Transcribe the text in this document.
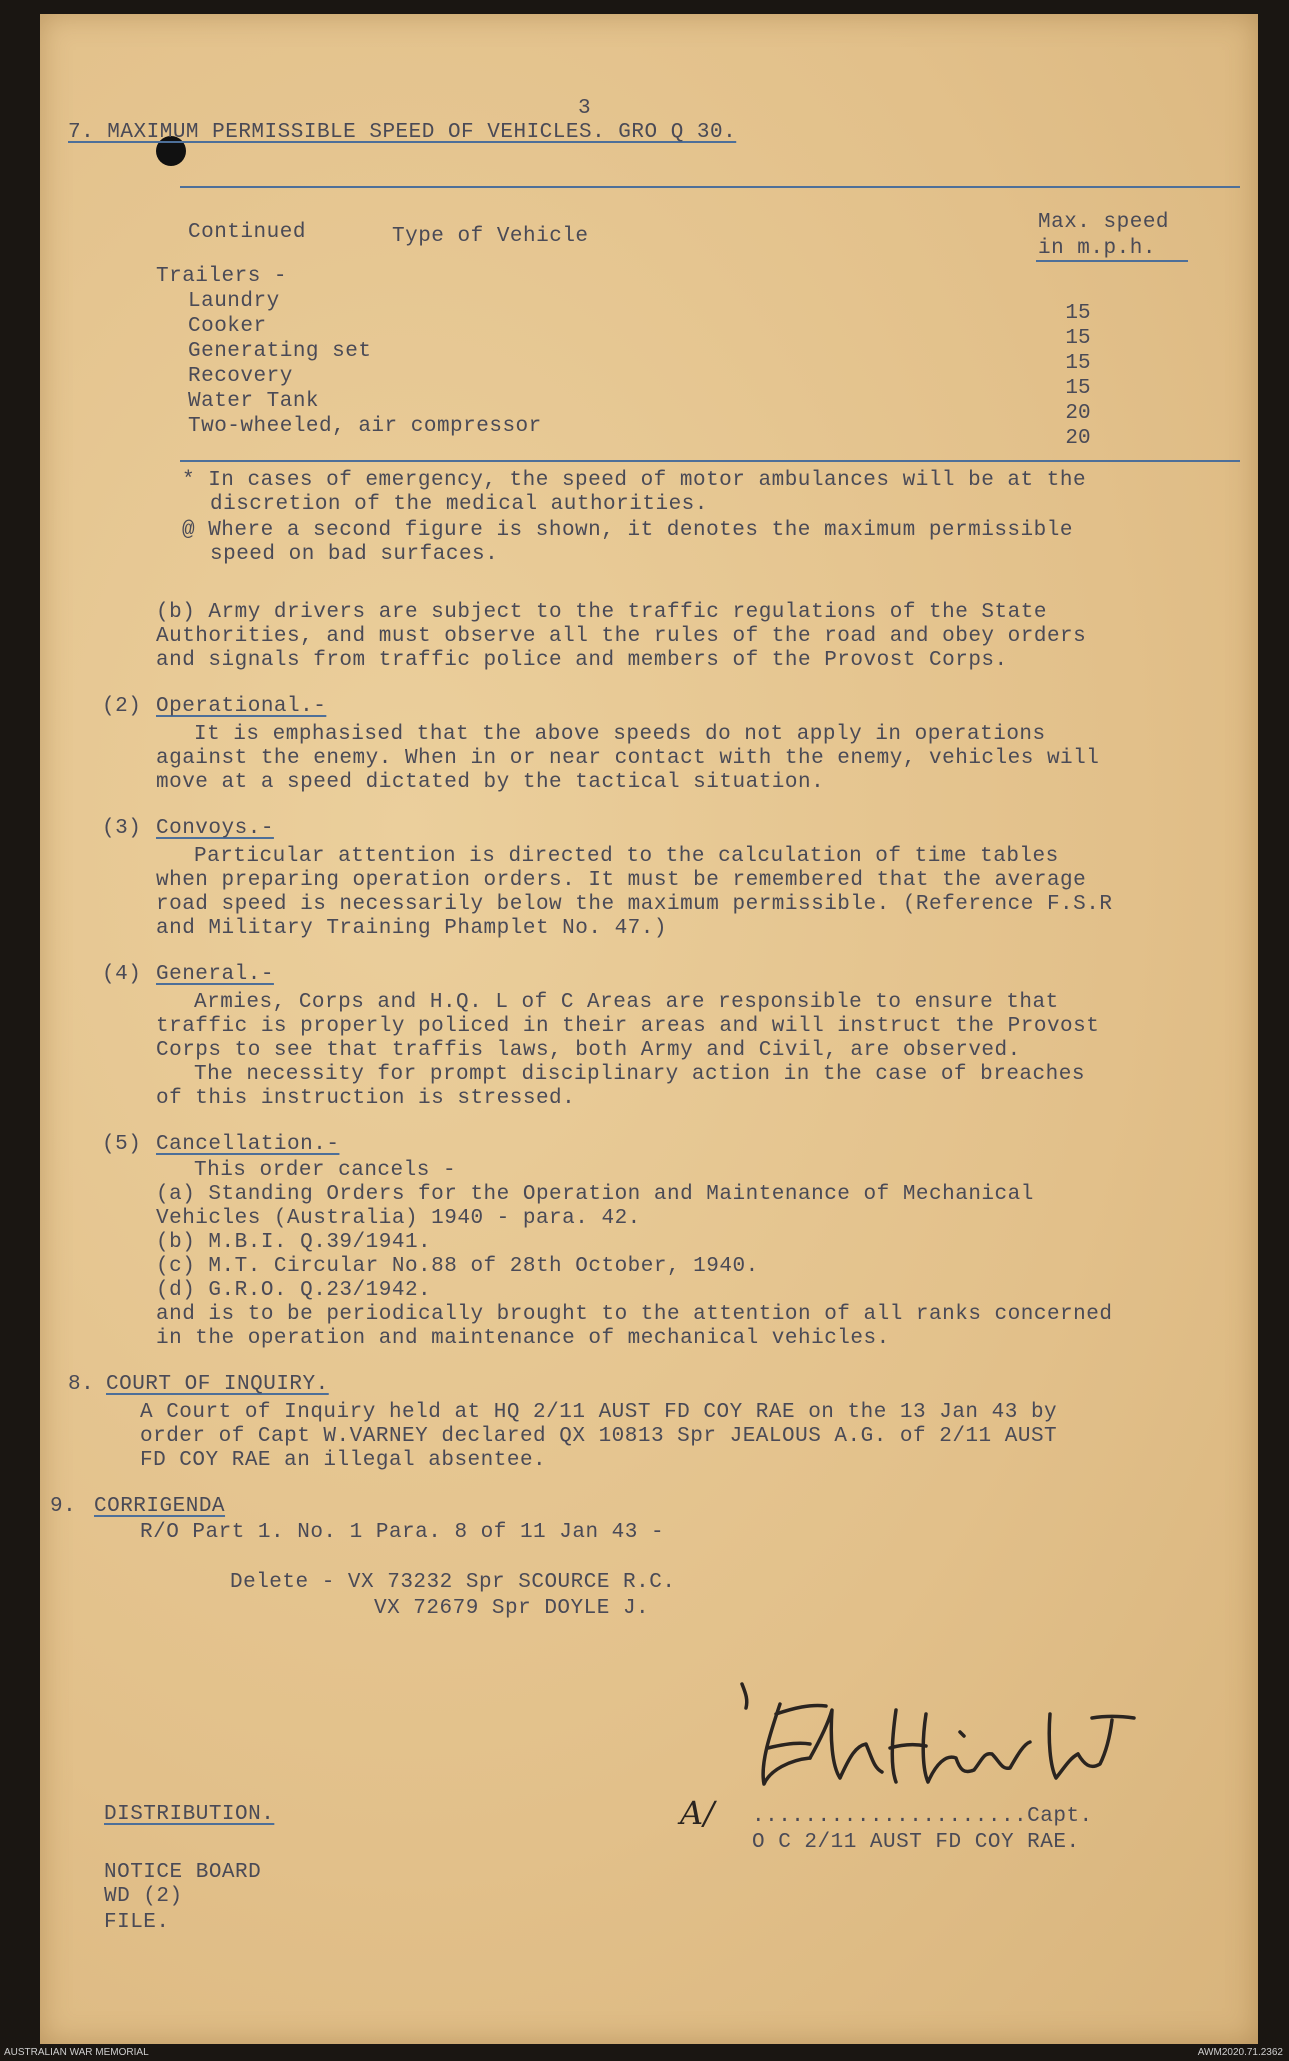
3
7. MAXIMUM PERMISSIBLE SPEED OF VEHICLES. GRO Q 30.
Continued	Type of Vehicle
Max. speed
in m.p.h.
Trailers -
Laundry
Cooker
Generating set
Recovery
Water Tank
Two-wheeled, air compressor
15
15
15
15
20
20
* In cases of emergency, the speed of motor ambulances will be at the
discretion of the medical authorities.
@ Where a second figure is shown, it denotes the maximum permissible
speed on bad surfaces.
(b) Army drivers are subject to the traffic regulations of the State
Authorities, and must observe all the rules of the road and obey orders
and signals from traffic police and members of the Provost Corps.
(2) Operational.-
It is emphasised that the above speeds do not apply in operations
against the enemy. When in or near contact with the enemy, vehicles will
move at a speed dictated by the tactical situation.
(3) Convoys.-
Particular attention is directed to the calculation of time tables
when preparing operation orders. It must be remembered that the average
road speed is necessarily below the maximum permissible. (Reference F.S.R
and Military Training Phamplet No. 47.)
(4) General.-
Armies, Corps and H.Q. L of C Areas are responsible to ensure that
traffic is properly policed in their areas and will instruct the Provost
Corps to see that traffis laws, both Army and Civil, are observed.
The necessity for prompt disciplinary action in the case of breaches
of this instruction is stressed.
(5) Cancellation.-
This order cancels -
(a) Standing Orders for the Operation and Maintenance of Mechanical
Vehicles (Australia) 1940 - para. 42.
(b) M.B.I. Q.39/1941.
(c) M.T. Circular No.88 of 28th October, 1940.
(d) G.R.O. Q.23/1942.
and is to be periodically brought to the attention of all ranks concerned
in the operation and maintenance of mechanical vehicles.
8. COURT OF INQUIRY.
A Court of Inquiry held at HQ 2/11 AUST FD COY RAE on the 13 Jan 43 by
order of Capt W.VARNEY declared QX 10813 Spr JEALOUS A.G. of 2/11 AUST
FD COY RAE an illegal absentee.
9. CORRIGENDA
R/O Part 1. No. 1 Para. 8 of 11 Jan 43 -
Delete - VX 73232 Spr SCOURCE R.C.
VX 72679 Spr DOYLE J.
A/ .....................Capt.
O C 2/11 AUST FD COY RAE.
DISTRIBUTION.
NOTICE BOARD
WD (2)
FILE.
AUSTRALIAN WAR MEMORIAL	AWM2020.71.2362
